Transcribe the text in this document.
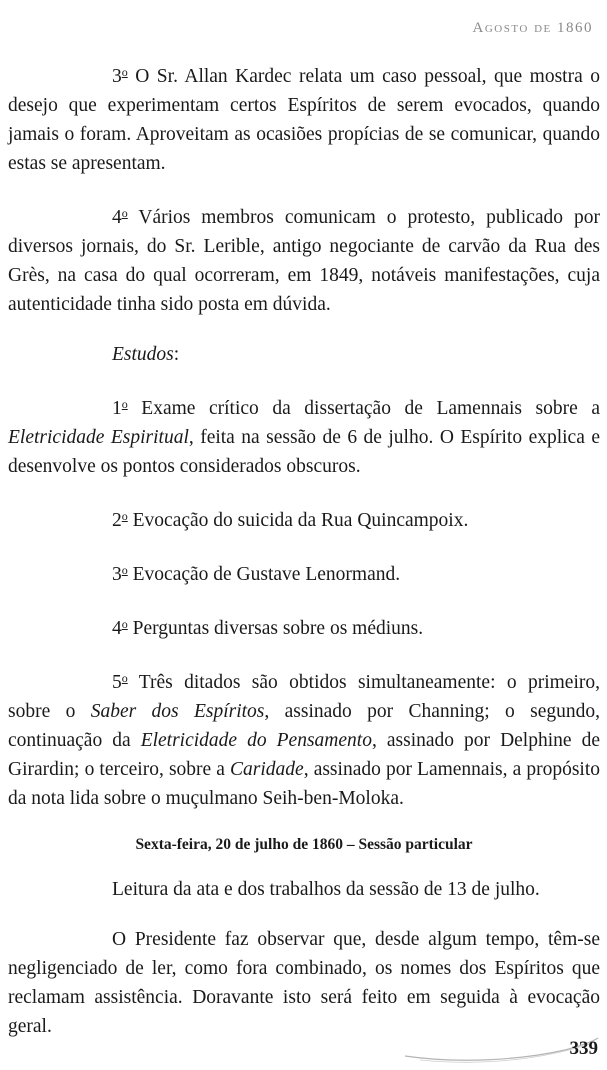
Agosto de 1860

3$^o$ O Sr. Allan Kardec relata um caso pessoal, que mostra o desejo que experimentam certos Espíritos de serem evocados, quando jamais o foram. Aproveitam as ocasiões propícias de se comunicar, quando estas se apresentam.

4$^o$ Vários membros comunicam o protesto, publicado por diversos jornais, do Sr. Lerible, antigo negociante de carvão da Rua des Grès, na casa do qual ocorreram, em 1849, notáveis manifestações, cuja autenticidade tinha sido posta em dúvida.

Estudos:

1$^o$ Exame crítico da dissertação de Lamennais sobre a Eletricidade Espiritual, feita na sessão de 6 de julho. O Espírito explica e desenvolve os pontos considerados obscuros.

2$^o$ Evocação do suicida da Rua Quincampoix.

3$^o$ Evocação de Gustave Lenormand.

4$^o$ Perguntas diversas sobre os médiuns.

5$^o$ Três ditados são obtidos simultaneamente: o primeiro, sobre o Saber dos Espíritos, assinado por Channing; o segundo, continuação da Eletricidade do Pensamento, assinado por Delphine de Girardin; o terceiro, sobre a Caridade, assinado por Lamennais, a propósito da nota lida sobre o muçulmano Seih-ben-Moloka.

Sexta-feira, 20 de julho de 1860 – Sessão particular

Leitura da ata e dos trabalhos da sessão de 13 de julho.

O Presidente faz observar que, desde algum tempo, têm-se negligenciado de ler, como fora combinado, os nomes dos Espíritos que reclamam assistência. Doravante isto será feito em seguida à evocação geral.

339
